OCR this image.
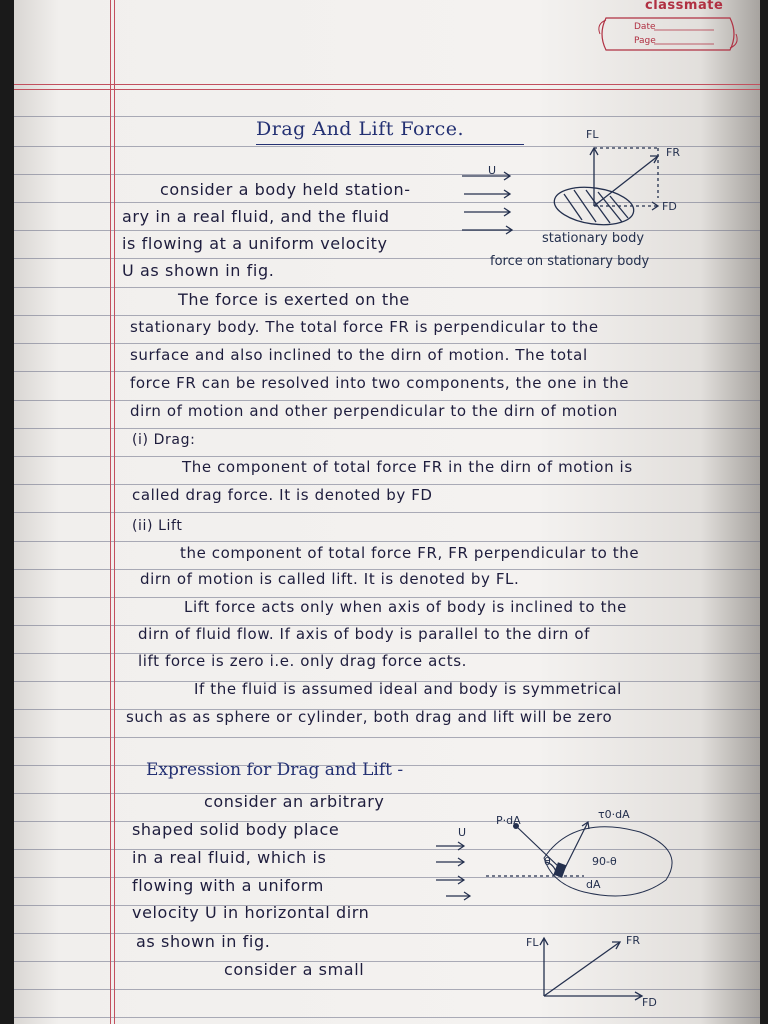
classmate
Date
Page
Drag And Lift Force.	FL
FR
FD
U
stationary body
force on stationary body
consider a body held station-
ary in a real fluid, and the fluid
is flowing at a uniform velocity
U as shown in fig.
The force is exerted on the
stationary body. The total force FR is perpendicular to the
surface and also inclined to the dirn of motion. The total
force FR can be resolved into two components, the one in the
dirn of motion and other perpendicular to the dirn of motion
(i) Drag:
The component of total force FR in the dirn of motion is
called drag force. It is denoted by FD
(ii) Lift
the component of total force FR, FR perpendicular to the
dirn of motion is called lift. It is denoted by FL.
Lift force acts only when axis of body is inclined to the
dirn of fluid flow. If axis of body is parallel to the dirn of
lift force is zero i.e. only drag force acts.
If the fluid is assumed ideal and body is symmetrical
such as as sphere or cylinder, both drag and lift will be zero
Expression for Drag and Lift -
consider an arbitrary
shaped solid body place
in a real fluid, which is
flowing with a uniform
velocity U in horizontal dirn
as shown in fig.
consider a small
P·dA	τ0·dA
θ	90-θ
dA
U
FL	FR
FD
